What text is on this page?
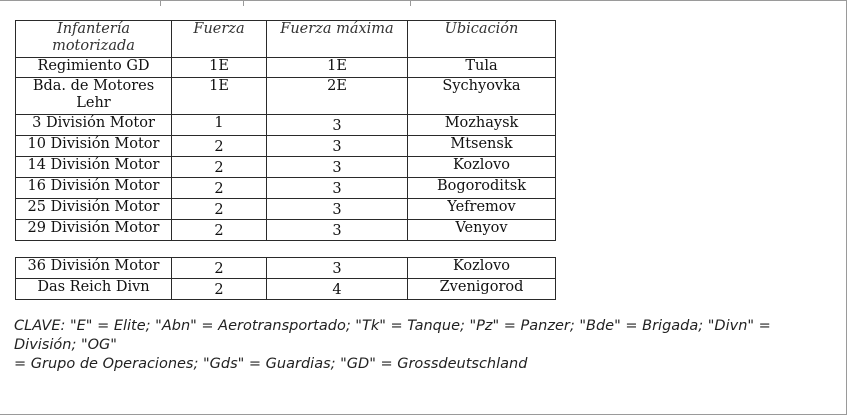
Infantería motorizada	Fuerza	Fuerza máxima	Ubicación
Regimiento GD	1E	1E	Tula
Bda. de Motores Lehr	1E	2E	Sychyovka
3 División Motor	1	3	Mozhaysk
10 División Motor	2	3	Mtsensk
14 División Motor	2	3	Kozlovo
16 División Motor	2	3	Bogoroditsk
25 División Motor	2	3	Yefremov
29 División Motor	2	3	Venyov
36 División Motor	2	3	Kozlovo
Das Reich Divn	2	4	Zvenigorod

CLAVE: "E" = Elite; "Abn" = Aerotransportado; "Tk" = Tanque; "Pz" = Panzer; "Bde" = Brigada; "Divn" = División; "OG"

= Grupo de Operaciones; "Gds" = Guardias; "GD" = Grossdeutschland
